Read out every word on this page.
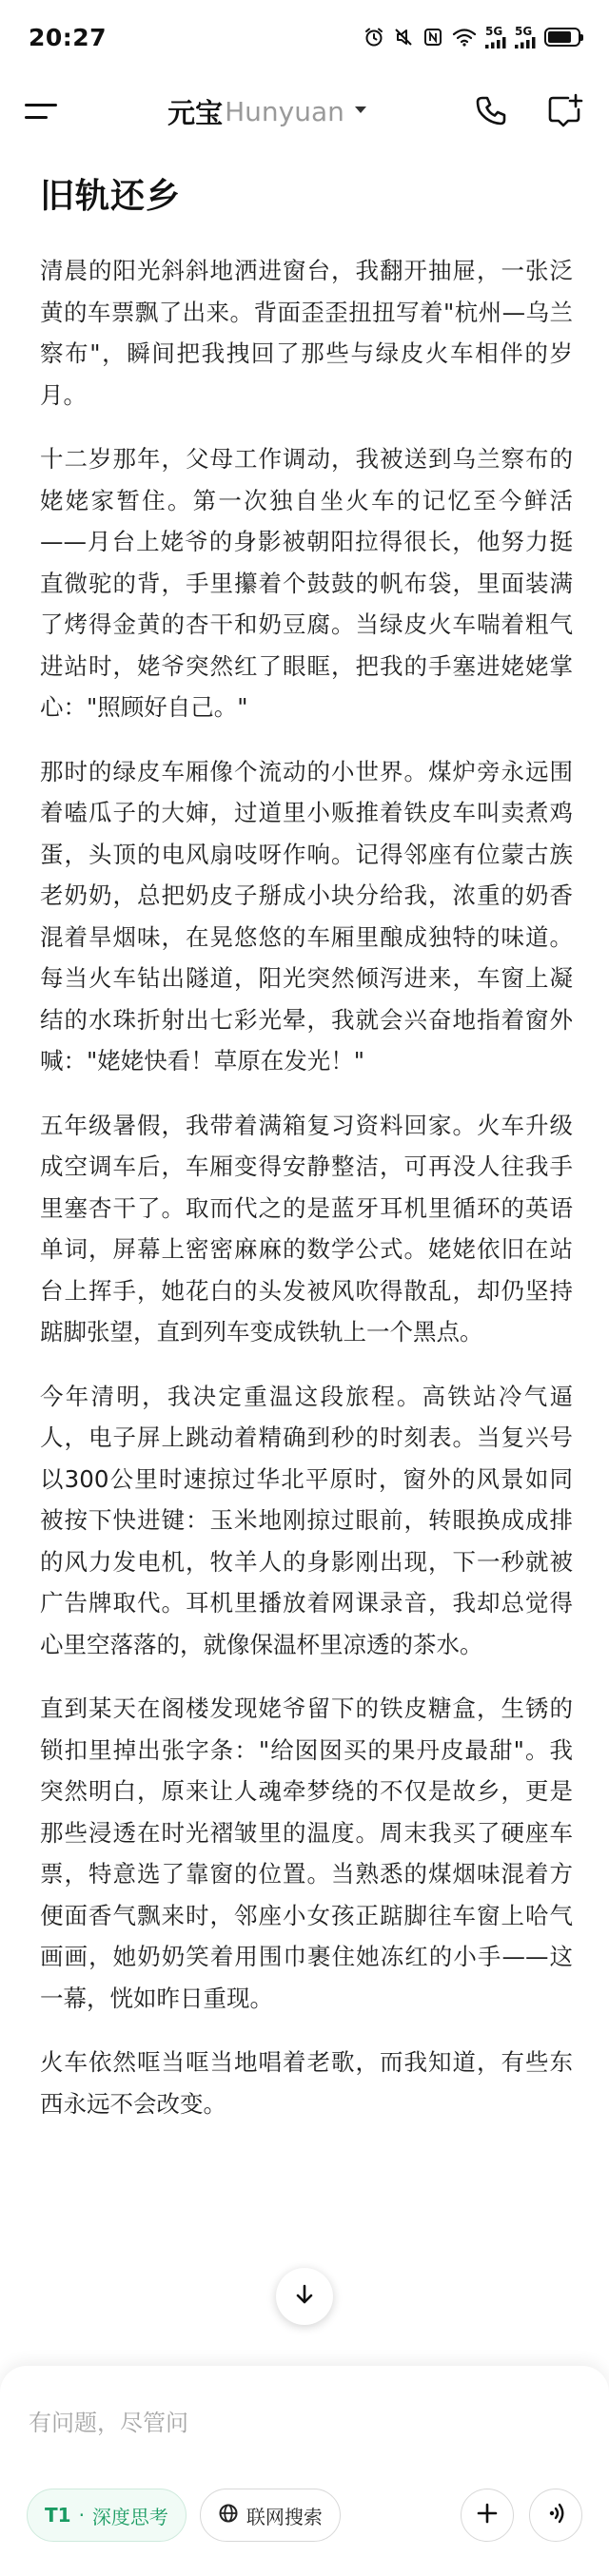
20:27	5G 5G
元宝 Hunyuan
旧轨还乡

清晨的阳光斜斜地洒进窗台，我翻开抽屉，一张泛黄的车票飘了出来。背面歪歪扭扭写着"杭州—乌兰察布"，瞬间把我拽回了那些与绿皮火车相伴的岁月。

十二岁那年，父母工作调动，我被送到乌兰察布的姥姥家暂住。第一次独自坐火车的记忆至今鲜活——月台上姥爷的身影被朝阳拉得很长，他努力挺直微驼的背，手里攥着个鼓鼓的帆布袋，里面装满了烤得金黄的杏干和奶豆腐。当绿皮火车喘着粗气进站时，姥爷突然红了眼眶，把我的手塞进姥姥掌心："照顾好自己。"

那时的绿皮车厢像个流动的小世界。煤炉旁永远围着嗑瓜子的大婶，过道里小贩推着铁皮车叫卖煮鸡蛋，头顶的电风扇吱呀作响。记得邻座有位蒙古族老奶奶，总把奶皮子掰成小块分给我，浓重的奶香混着旱烟味，在晃悠悠的车厢里酿成独特的味道。每当火车钻出隧道，阳光突然倾泻进来，车窗上凝结的水珠折射出七彩光晕，我就会兴奋地指着窗外喊："姥姥快看！草原在发光！"

五年级暑假，我带着满箱复习资料回家。火车升级成空调车后，车厢变得安静整洁，可再没人往我手里塞杏干了。取而代之的是蓝牙耳机里循环的英语单词，屏幕上密密麻麻的数学公式。姥姥依旧在站台上挥手，她花白的头发被风吹得散乱，却仍坚持踮脚张望，直到列车变成铁轨上一个黑点。

今年清明，我决定重温这段旅程。高铁站冷气逼人，电子屏上跳动着精确到秒的时刻表。当复兴号以300公里时速掠过华北平原时，窗外的风景如同被按下快进键：玉米地刚掠过眼前，转眼换成成排的风力发电机，牧羊人的身影刚出现，下一秒就被广告牌取代。耳机里播放着网课录音，我却总觉得心里空落落的，就像保温杯里凉透的茶水。

直到某天在阁楼发现姥爷留下的铁皮糖盒，生锈的锁扣里掉出张字条："给囡囡买的果丹皮最甜"。我突然明白，原来让人魂牵梦绕的不仅是故乡，更是那些浸透在时光褶皱里的温度。周末我买了硬座车票，特意选了靠窗的位置。当熟悉的煤烟味混着方便面香气飘来时，邻座小女孩正踮脚往车窗上哈气画画，她奶奶笑着用围巾裹住她冻红的小手——这一幕，恍如昨日重现。

火车依然哐当哐当地唱着老歌，而我知道，有些东西永远不会改变。

有问题，尽管问
T1 · 深度思考	联网搜索
